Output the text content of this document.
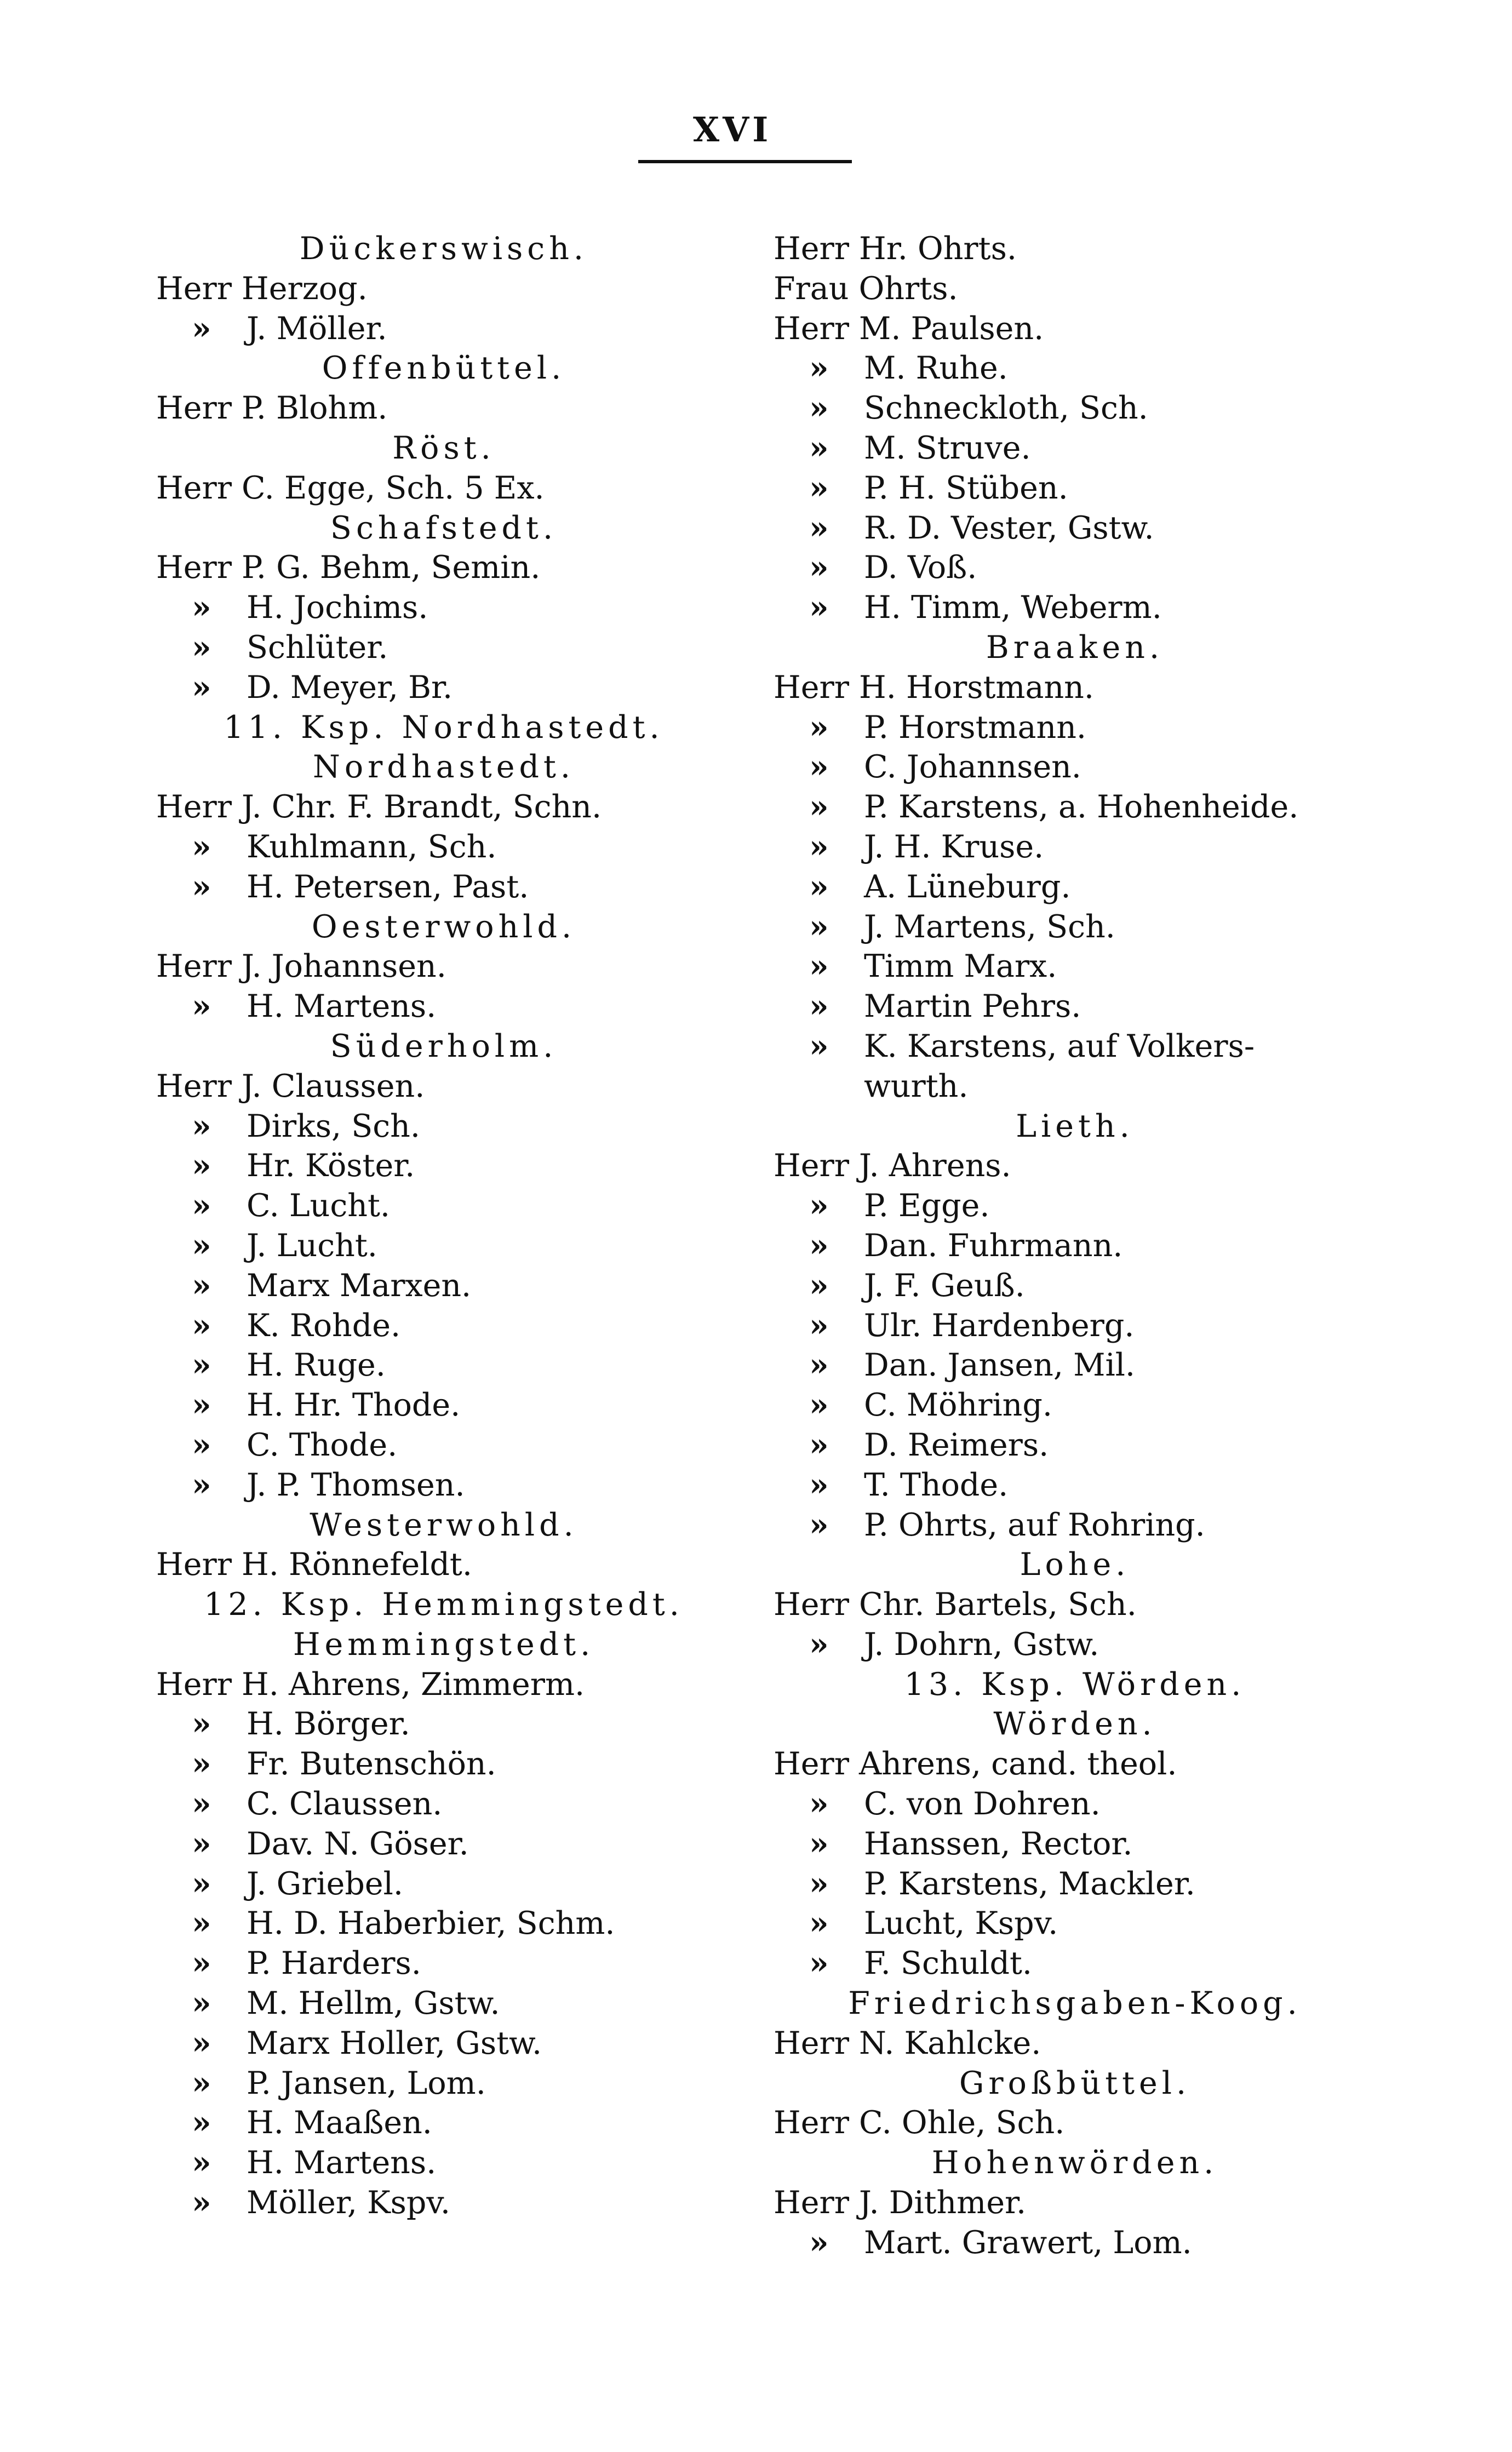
XVI
Dückerswisch.
Herr Herzog.
» J. Möller.
Offenbüttel.
Herr P. Blohm.
Röst.
Herr C. Egge, Sch. 5 Ex.
Schafstedt.
Herr P. G. Behm, Semin.
» H. Jochims.
» Schlüter.
» D. Meyer, Br.
11. Ksp. Nordhastedt.
Nordhastedt.
Herr J. Chr. F. Brandt, Schn.
» Kuhlmann, Sch.
» H. Petersen, Past.
Oesterwohld.
Herr J. Johannsen.
» H. Martens.
Süderholm.
Herr J. Claussen.
» Dirks, Sch.
» Hr. Köster.
» C. Lucht.
» J. Lucht.
» Marx Marxen.
» K. Rohde.
» H. Ruge.
» H. Hr. Thode.
» C. Thode.
» J. P. Thomsen.
Westerwohld.
Herr H. Rönnefeldt.
12. Ksp. Hemmingstedt.
Hemmingstedt.
Herr H. Ahrens, Zimmerm.
» H. Börger.
» Fr. Butenschön.
» C. Claussen.
» Dav. N. Göser.
» J. Griebel.
» H. D. Haberbier, Schm.
» P. Harders.
» M. Hellm, Gstw.
» Marx Holler, Gstw.
» P. Jansen, Lom.
» H. Maaßen.
» H. Martens.
» Möller, Kspv.
Herr Hr. Ohrts.
Frau Ohrts.
Herr M. Paulsen.
» M. Ruhe.
» Schnecklоth, Sch.
» M. Struve.
» P. H. Stüben.
» R. D. Vester, Gstw.
» D. Voß.
» H. Timm, Weberm.
Braaken.
Herr H. Horstmann.
» P. Horstmann.
» C. Johannsen.
» P. Karstens, a. Hohenheide.
» J. H. Kruse.
» A. Lüneburg.
» J. Martens, Sch.
» Timm Marx.
» Martin Pehrs.
» K. Karstens, auf Volkers-
wurth.
Lieth.
Herr J. Ahrens.
» P. Egge.
» Dan. Fuhrmann.
» J. F. Geuß.
» Ulr. Hardenberg.
» Dan. Jansen, Mil.
» C. Möhring.
» D. Reimers.
» T. Thode.
» P. Ohrts, auf Rohring.
Lohe.
Herr Chr. Bartels, Sch.
» J. Dohrn, Gstw.
13. Ksp. Wörden.
Wörden.
Herr Ahrens, cand. theol.
» C. von Dohren.
» Hanssen, Rector.
» P. Karstens, Mackler.
» Lucht, Kspv.
» F. Schuldt.
Friedrichsgaben-Koog.
Herr N. Kahlcke.
Großbüttel.
Herr C. Ohle, Sch.
Hohenwörden.
Herr J. Dithmer.
» Mart. Grawert, Lom.
